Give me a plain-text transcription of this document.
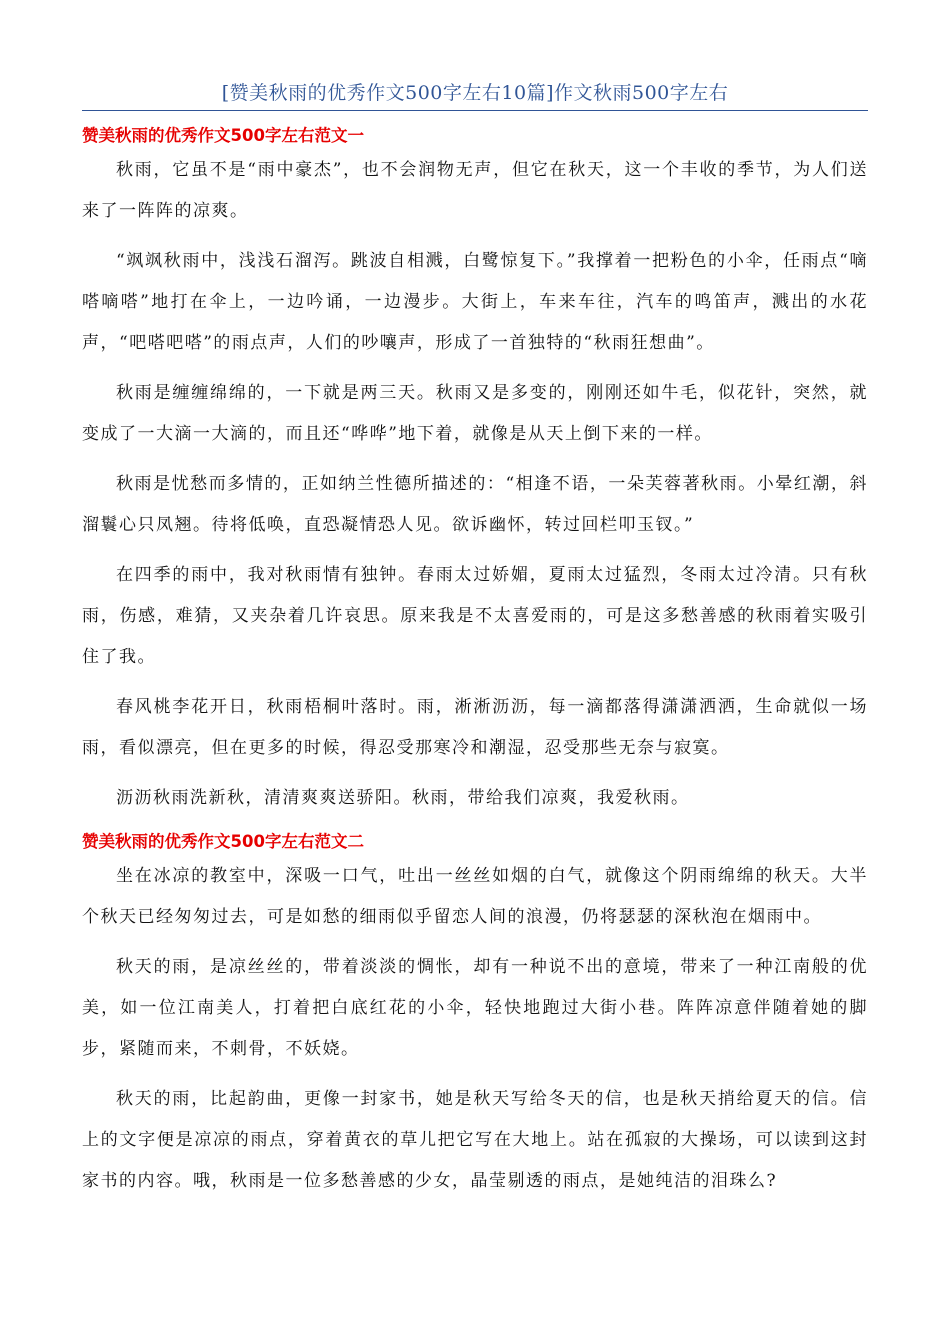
[赞美秋雨的优秀作文500字左右10篇]作文秋雨500字左右
赞美秋雨的优秀作文500字左右范文一

秋雨，它虽不是“雨中豪杰”，也不会润物无声，但它在秋天，这一个丰收的季节，为人们送来了一阵阵的凉爽。

“飒飒秋雨中，浅浅石溜泻。跳波自相溅，白鹭惊复下。”我撑着一把粉色的小伞，任雨点“嘀嗒嘀嗒”地打在伞上，一边吟诵，一边漫步。大街上，车来车往，汽车的鸣笛声，溅出的水花声，“吧嗒吧嗒”的雨点声，人们的吵嚷声，形成了一首独特的“秋雨狂想曲”。

秋雨是缠缠绵绵的，一下就是两三天。秋雨又是多变的，刚刚还如牛毛，似花针，突然，就变成了一大滴一大滴的，而且还“哗哗”地下着，就像是从天上倒下来的一样。

秋雨是忧愁而多情的，正如纳兰性德所描述的：“相逢不语，一朵芙蓉著秋雨。小晕红潮，斜溜鬟心只凤翘。待将低唤，直恐凝情恐人见。欲诉幽怀，转过回栏叩玉钗。”

在四季的雨中，我对秋雨情有独钟。春雨太过娇媚，夏雨太过猛烈，冬雨太过冷清。只有秋雨，伤感，难猜，又夹杂着几许哀思。原来我是不太喜爱雨的，可是这多愁善感的秋雨着实吸引住了我。

春风桃李花开日，秋雨梧桐叶落时。雨，淅淅沥沥，每一滴都落得潇潇洒洒，生命就似一场雨，看似漂亮，但在更多的时候，得忍受那寒冷和潮湿，忍受那些无奈与寂寞。

沥沥秋雨洗新秋，清清爽爽送骄阳。秋雨，带给我们凉爽，我爱秋雨。

赞美秋雨的优秀作文500字左右范文二

坐在冰凉的教室中，深吸一口气，吐出一丝丝如烟的白气，就像这个阴雨绵绵的秋天。大半个秋天已经匆匆过去，可是如愁的细雨似乎留恋人间的浪漫，仍将瑟瑟的深秋泡在烟雨中。

秋天的雨，是凉丝丝的，带着淡淡的惆怅，却有一种说不出的意境，带来了一种江南般的优美，如一位江南美人，打着把白底红花的小伞，轻快地跑过大街小巷。阵阵凉意伴随着她的脚步，紧随而来，不刺骨，不妖娆。

秋天的雨，比起韵曲，更像一封家书，她是秋天写给冬天的信，也是秋天捎给夏天的信。信上的文字便是凉凉的雨点，穿着黄衣的草儿把它写在大地上。站在孤寂的大操场，可以读到这封家书的内容。哦，秋雨是一位多愁善感的少女，晶莹剔透的雨点，是她纯洁的泪珠么?
